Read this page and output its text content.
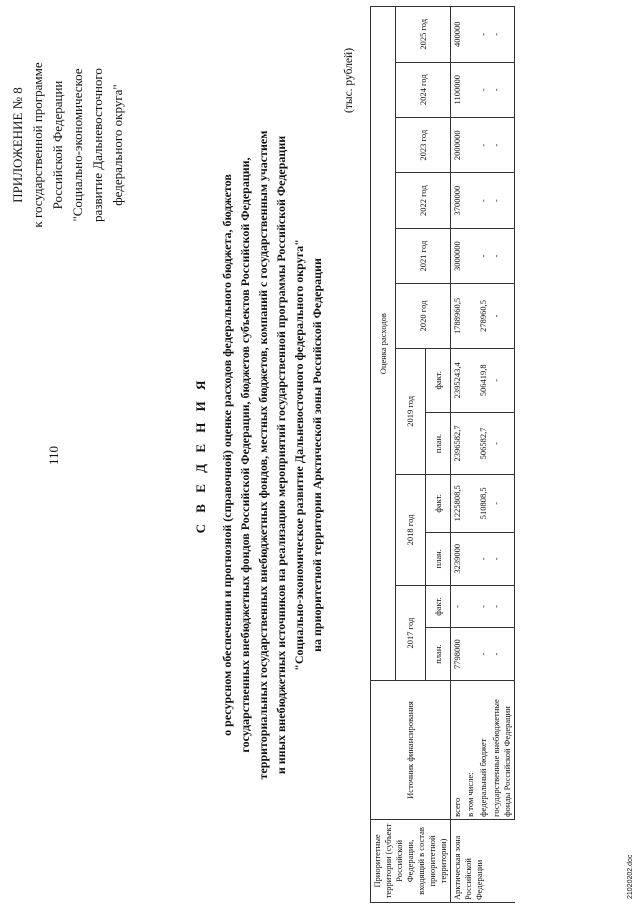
110
ПРИЛОЖЕНИЕ № 8 к государственной программе Российской Федерации "Социально-экономическое развитие Дальневосточного федерального округа"
С В Е Д Е Н И Я о ресурсном обеспечении и прогнозной (справочной) оценке расходов федерального бюджета, бюджетов государственных внебюджетных фондов Российской Федерации, бюджетов субъектов Российской Федерации, территориальных государственных внебюджетных фондов, местных бюджетов, компаний с государственным участием и иных внебюджетных источников на реализацию мероприятий государственной программы Российской Федерации "Социально-экономическое развитие Дальневосточного федерального округа" на приоритетной территории Арктической зоны Российской Федерации
(тыс. рублей)
Приоритетные территории (субъект Российской Федерации, входящий в состав приоритетной территории)	Источник финансирования	Оценка расходов											
		2017 год		2018 год		2019 год		2020 год	2021 год	2022 год	2023 год	2024 год	2025 год
		план.	факт.	план.	факт.	план.	факт.						
Арктическая зона Российской Федерации	всего	7798000	-	3239000	1225808,5	2396582,7	2395243,4	1788960,5	3000000	3700000	2000000	1100000	400000
	в том числе:												
	федеральный бюджет	-	-	-	510808,5	506582,7	506419,8	278960,5	-	-	-	-	-
	государственные внебюджетные фонды Российской Федерации	-	-	-	-	-	-	-	-	-	-	-	-
21020202.doc
